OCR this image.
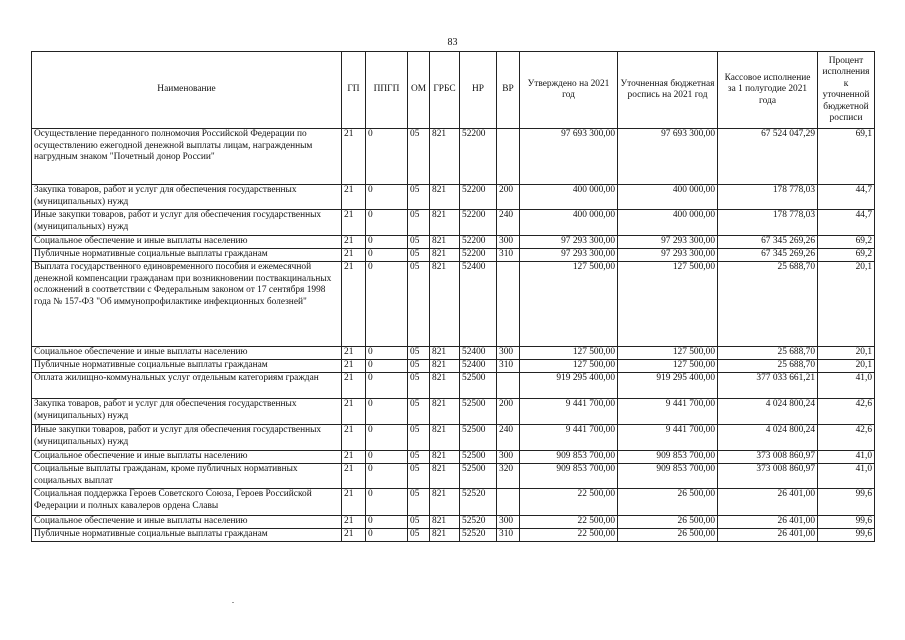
83
Наименование	ГП	ППГП	ОМ	ГРБС	НР	ВР	Утверждено на 2021 год	Уточненная бюджетная роспись на 2021 год	Кассовое исполнение за 1 полугодие 2021 года	Процент исполнения к уточненной бюджетной росписи
Осуществление переданного полномочия Российской Федерации по осуществлению ежегодной денежной выплаты лицам, награжденным нагрудным знаком "Почетный донор России"	21	0	05	821	52200		97 693 300,00	97 693 300,00	67 524 047,29	69,1
Закупка товаров, работ и услуг для обеспечения государственных (муниципальных) нужд	21	0	05	821	52200	200	400 000,00	400 000,00	178 778,03	44,7
Иные закупки товаров, работ и услуг для обеспечения государственных (муниципальных) нужд	21	0	05	821	52200	240	400 000,00	400 000,00	178 778,03	44,7
Социальное обеспечение и иные выплаты населению	21	0	05	821	52200	300	97 293 300,00	97 293 300,00	67 345 269,26	69,2
Публичные нормативные социальные выплаты гражданам	21	0	05	821	52200	310	97 293 300,00	97 293 300,00	67 345 269,26	69,2
Выплата государственного единовременного пособия и ежемесячной денежной компенсации гражданам при возникновении поствакцинальных осложнений в соответствии с Федеральным законом от 17 сентября 1998 года № 157-ФЗ "Об иммунопрофилактике инфекционных болезней"	21	0	05	821	52400		127 500,00	127 500,00	25 688,70	20,1
Социальное обеспечение и иные выплаты населению	21	0	05	821	52400	300	127 500,00	127 500,00	25 688,70	20,1
Публичные нормативные социальные выплаты гражданам	21	0	05	821	52400	310	127 500,00	127 500,00	25 688,70	20,1
Оплата жилищно-коммунальных услуг отдельным категориям граждан	21	0	05	821	52500		919 295 400,00	919 295 400,00	377 033 661,21	41,0
Закупка товаров, работ и услуг для обеспечения государственных (муниципальных) нужд	21	0	05	821	52500	200	9 441 700,00	9 441 700,00	4 024 800,24	42,6
Иные закупки товаров, работ и услуг для обеспечения государственных (муниципальных) нужд	21	0	05	821	52500	240	9 441 700,00	9 441 700,00	4 024 800,24	42,6
Социальное обеспечение и иные выплаты населению	21	0	05	821	52500	300	909 853 700,00	909 853 700,00	373 008 860,97	41,0
Социальные выплаты гражданам, кроме публичных нормативных социальных выплат	21	0	05	821	52500	320	909 853 700,00	909 853 700,00	373 008 860,97	41,0
Социальная поддержка Героев Советского Союза, Героев Российской Федерации и полных кавалеров ордена Славы	21	0	05	821	52520		22 500,00	26 500,00	26 401,00	99,6
Социальное обеспечение и иные выплаты населению	21	0	05	821	52520	300	22 500,00	26 500,00	26 401,00	99,6
Публичные нормативные социальные выплаты гражданам	21	0	05	821	52520	310	22 500,00	26 500,00	26 401,00	99,6
